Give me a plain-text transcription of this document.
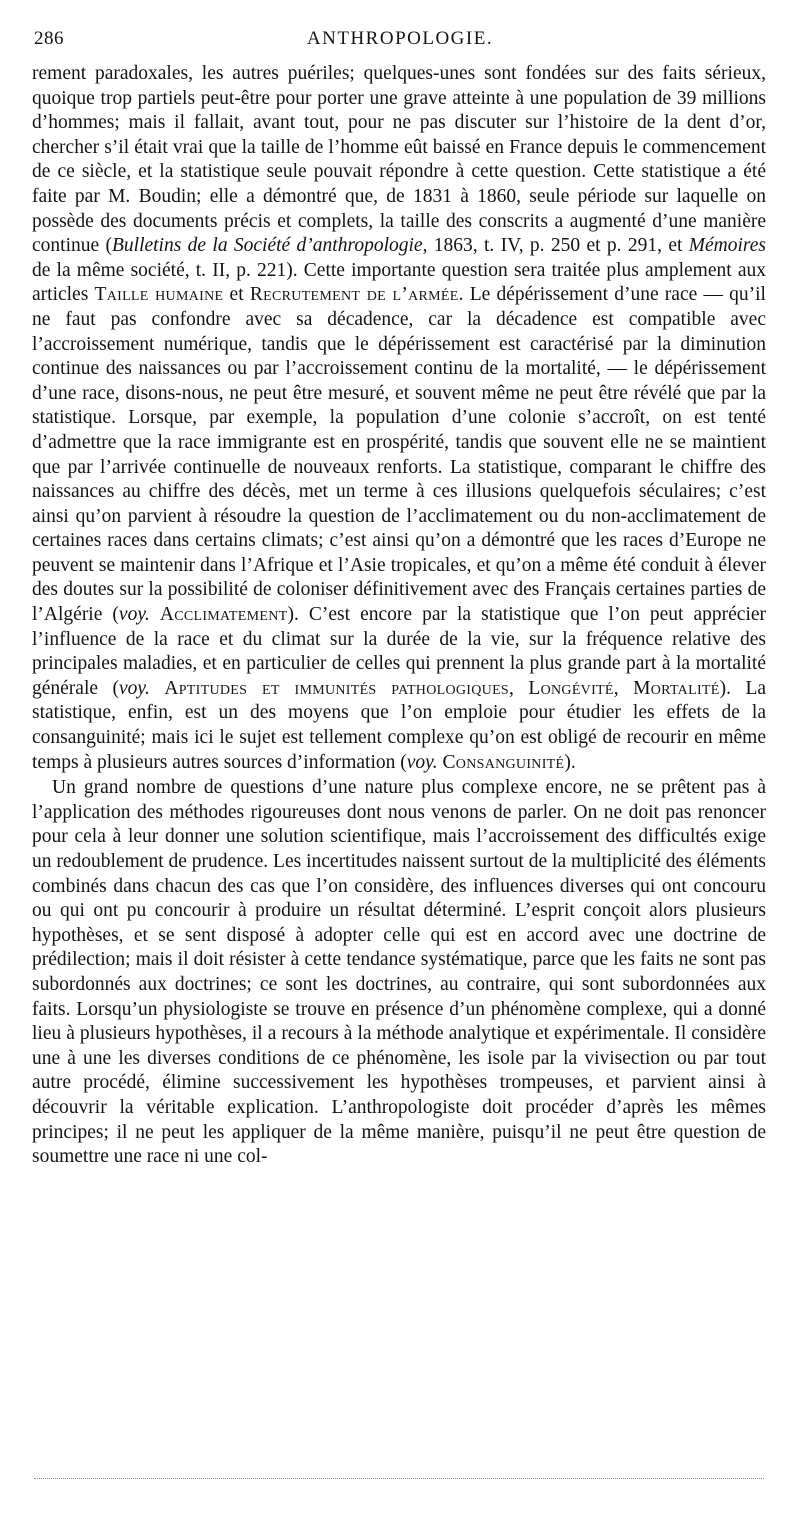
286	ANTHROPOLOGIE.

rement paradoxales, les autres puériles; quelques-unes sont fondées sur des faits sérieux, quoique trop partiels peut-être pour porter une grave atteinte à une population de 39 millions d’hommes; mais il fallait, avant tout, pour ne pas discuter sur l’histoire de la dent d’or, chercher s’il était vrai que la taille de l’homme eût baissé en France depuis le commencement de ce siècle, et la statistique seule pouvait répondre à cette question. Cette statistique a été faite par M. Boudin; elle a démontré que, de 1831 à 1860, seule période sur laquelle on possède des documents précis et complets, la taille des conscrits a augmenté d’une manière continue (Bulletins de la Société d’anthropologie, 1863, t. IV, p. 250 et p. 291, et Mémoires de la même société, t. II, p. 221). Cette importante question sera traitée plus amplement aux articles Taille humaine et Recrutement de l’armée. Le dépérissement d’une race — qu’il ne faut pas confondre avec sa décadence, car la décadence est compatible avec l’accroissement numérique, tandis que le dépérissement est caractérisé par la diminution continue des naissances ou par l’accroissement continu de la mortalité, — le dépérissement d’une race, disons-nous, ne peut être mesuré, et souvent même ne peut être révélé que par la statistique. Lorsque, par exemple, la population d’une colonie s’accroît, on est tenté d’admettre que la race immigrante est en prospérité, tandis que souvent elle ne se maintient que par l’arrivée continuelle de nouveaux renforts. La statistique, comparant le chiffre des naissances au chiffre des décès, met un terme à ces illusions quelquefois séculaires; c’est ainsi qu’on parvient à résoudre la question de l’acclimatement ou du non-acclimatement de certaines races dans certains climats; c’est ainsi qu’on a démontré que les races d’Europe ne peuvent se maintenir dans l’Afrique et l’Asie tropicales, et qu’on a même été conduit à élever des doutes sur la possibilité de coloniser définitivement avec des Français certaines parties de l’Algérie (voy. Acclimatement). C’est encore par la statistique que l’on peut apprécier l’influence de la race et du climat sur la durée de la vie, sur la fréquence relative des principales maladies, et en particulier de celles qui prennent la plus grande part à la mortalité générale (voy. Aptitudes et immunités pathologiques, Longévité, Mortalité). La statistique, enfin, est un des moyens que l’on emploie pour étudier les effets de la consanguinité; mais ici le sujet est tellement complexe qu’on est obligé de recourir en même temps à plusieurs autres sources d’information (voy. Consanguinité).

Un grand nombre de questions d’une nature plus complexe encore, ne se prêtent pas à l’application des méthodes rigoureuses dont nous venons de parler. On ne doit pas renoncer pour cela à leur donner une solution scientifique, mais l’accroissement des difficultés exige un redoublement de prudence. Les incertitudes naissent surtout de la multiplicité des éléments combinés dans chacun des cas que l’on considère, des influences diverses qui ont concouru ou qui ont pu concourir à produire un résultat déterminé. L’esprit conçoit alors plusieurs hypothèses, et se sent disposé à adopter celle qui est en accord avec une doctrine de prédilection; mais il doit résister à cette tendance systématique, parce que les faits ne sont pas subordonnés aux doctrines; ce sont les doctrines, au contraire, qui sont subordonnées aux faits. Lorsqu’un physiologiste se trouve en présence d’un phénomène complexe, qui a donné lieu à plusieurs hypothèses, il a recours à la méthode analytique et expérimentale. Il considère une à une les diverses conditions de ce phénomène, les isole par la vivisection ou par tout autre procédé, élimine successivement les hypothèses trompeuses, et parvient ainsi à découvrir la véritable explication. L’anthropologiste doit procéder d’après les mêmes principes; il ne peut les appliquer de la même manière, puisqu’il ne peut être question de soumettre une race ni une col-
